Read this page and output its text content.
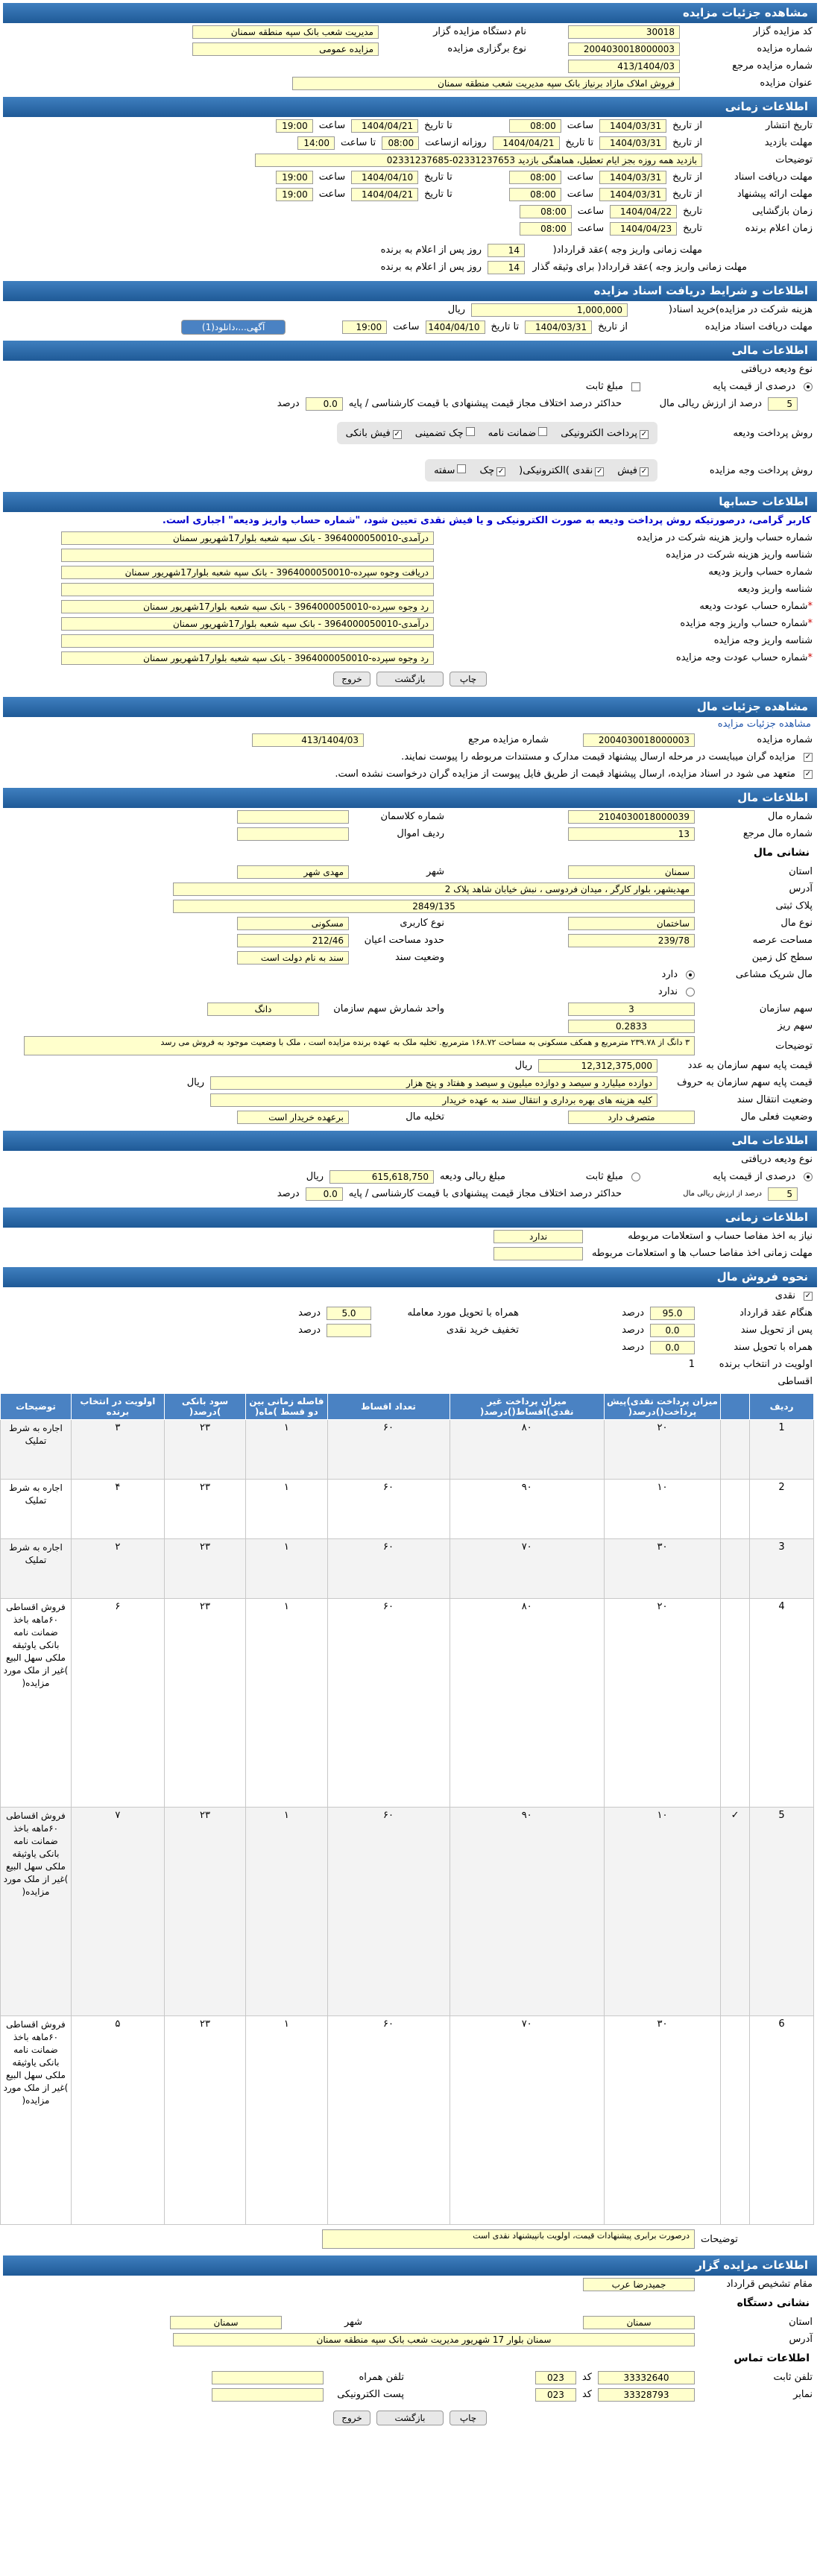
مشاهده جزئیات مزایده
کد مزایده گزار
30018
نام دستگاه مزایده گزار
مدیریت شعب بانک سپه منطقه سمنان
شماره مزایده
2004030018000003
نوع برگزاری مزایده
مزایده عمومی
شماره مزایده مرجع
413/1404/03
عنوان مزایده
فروش املاک مازاد برنیاز بانک سپه مدیریت شعب منطقه سمنان
اطلاعات زمانی
تاریخ انتشار
از تاریخ
1404/03/31
ساعت
08:00
تا تاریخ
1404/04/21
ساعت
19:00
مهلت بازدید
از تاریخ
1404/03/31
تا تاریخ
1404/04/21
روزانه ازساعت
08:00
تا ساعت
14:00
توضیحات
بازدید همه روزه بجز ایام تعطیل، هماهنگی بازدید 02331237653-02331237685
مهلت دریافت اسناد
از تاریخ
1404/03/31
ساعت
08:00
تا تاریخ
1404/04/10
ساعت
19:00
مهلت ارائه پیشنهاد
از تاریخ
1404/03/31
ساعت
08:00
تا تاریخ
1404/04/21
ساعت
19:00
زمان بازگشایی
تاریخ
1404/04/22
ساعت
08:00
زمان اعلام برنده
تاریخ
1404/04/23
ساعت
08:00
مهلت زمانی واریز وجه )عقد قرارداد(
14
روز پس از اعلام به برنده
مهلت زمانی واریز وجه )عقد قرارداد( برای وثیقه گذار
14
روز پس از اعلام به برنده
اطلاعات و شرایط دریافت اسناد مزایده
هزینه شرکت در مزایده)خرید اسناد(
1,000,000
ریال
مهلت دریافت اسناد مزایده
از تاریخ
1404/03/31
تا تاریخ
1404/04/10
ساعت
19:00
آگهی...،دانلود(1)
اطلاعات مالی
نوع ودیعه دریافتی
درصدی از قیمت پایه
مبلغ ثابت
5
درصد از ارزش ریالی مال
حداکثر درصد اختلاف مجاز قیمت پیشنهادی با قیمت کارشناسی / پایه
0.0
درصد
روش پرداخت ودیعه
✓پرداخت الکترونیکی
ضمانت نامه
چک تضمینی
✓فیش بانکی
روش پرداخت وجه مزایده
✓فیش
✓نقدی )الکترونیکی(
✓چک
سفته
اطلاعات حسابها
کاربر گرامی، درصورتیکه روش پرداخت ودیعه به صورت الکترونیکی و یا فیش نقدی تعیین شود، "شماره حساب واریز ودیعه" اجباری است.
شماره حساب واریز هزینه شرکت در مزایده
درآمدی-3964000050010 - بانک سپه شعبه بلوار17شهریور سمنان
شناسه واریز هزینه شرکت در مزایده
شماره حساب واریز ودیعه
دریافت وجوه سپرده-3964000050010 - بانک سپه شعبه بلوار17شهریور سمنان
شناسه واریز ودیعه
*شماره حساب عودت ودیعه
رد وجوه سپرده-3964000050010 - بانک سپه شعبه بلوار17شهریور سمنان
*شماره حساب واریز وجه مزایده
درآمدی-3964000050010 - بانک سپه شعبه بلوار17شهریور سمنان
شناسه واریز وجه مزایده
*شماره حساب عودت وجه مزایده
رد وجوه سپرده-3964000050010 - بانک سپه شعبه بلوار17شهریور سمنان
چاپ
بازگشت
خروج
مشاهده جزئیات مال
مشاهده جزئیات مزایده
شماره مزایده
2004030018000003
شماره مزایده مرجع
413/1404/03
✓
مزایده گران میبایست در مرحله ارسال پیشنهاد قیمت مدارک و مستندات مربوطه را پیوست نمایند.
✓
متعهد می شود در اسناد مزایده، ارسال پیشنهاد قیمت از طریق فایل پیوست از مزایده گران درخواست نشده است.
اطلاعات مال
شماره مال
2104030018000039
شماره کلاسمان
شماره مال مرجع
13
ردیف اموال
نشانی مال
استان
سمنان
شهر
مهدی شهر
آدرس
مهدیشهر، بلوار کارگر ، میدان فردوسی ، نبش خیابان شاهد پلاک 2
پلاک ثبتی
2849/135
نوع مال
ساختمان
نوع کاربری
مسکونی
مساحت عرصه
239/78
حدود مساحت اعیان
212/46
سطح کل زمین
وضعیت سند
سند به نام دولت است
مال شریک مشاعی
دارد
ندارد
سهم سازمان
3
واحد شمارش سهم سازمان
دانگ
سهم ریز
0.2833
توضیحات
۳ دانگ از ۲۳۹.۷۸ مترمربع و همکف مسکونی به مساحت ۱۶۸.۷۲ مترمربع. تخلیه ملک به عهده برنده مزایده است ، ملک با وضعیت موجود به فروش می رسد
قیمت پایه سهم سازمان به عدد
12,312,375,000
ریال
قیمت پایه سهم سازمان به حروف
دوازده میلیارد و سیصد و دوازده میلیون و سیصد و هفتاد و پنج هزار
ریال
وضعیت انتقال سند
کلیه هزینه های بهره برداری و انتقال سند به عهده خریدار
وضعیت فعلی مال
متصرف دارد
تخلیه مال
برعهده خریدار است
اطلاعات مالی
نوع ودیعه دریافتی
درصدی از قیمت پایه
مبلغ ثابت
مبلغ ریالی ودیعه
615,618,750
ریال
5
درصد از ارزش ریالی مال
حداکثر درصد اختلاف مجاز قیمت پیشنهادی با قیمت کارشناسی / پایه
0.0
درصد
اطلاعات زمانی
نیاز به اخذ مفاصا حساب و استعلامات مربوطه
ندارد
مهلت زمانی اخذ مفاصا حساب ها و استعلامات مربوطه
نحوه فروش مال
✓
نقدی
هنگام عقد قرارداد
95.0
درصد
همراه با تحویل مورد معامله
5.0
درصد
پس از تحویل سند
0.0
درصد
تخفیف خرید نقدی
درصد
همراه با تحویل سند
0.0
درصد
اولویت در انتخاب برنده
1
اقساطی
ردیف		میزان پرداخت نقدی)پیش پرداخت()درصد(	میزان پرداخت غیر نقدی)اقساط()درصد(	تعداد اقساط	فاصله زمانی بین دو قسط )ماه(	سود بانکی )درصد(	اولویت در انتخاب برنده	توضیحات
1		۲۰	۸۰	۶۰	۱	۲۳	۳	اجاره به شرط تملیک
2		۱۰	۹۰	۶۰	۱	۲۳	۴	اجاره به شرط تملیک
3		۳۰	۷۰	۶۰	۱	۲۳	۲	اجاره به شرط تملیک
4		۲۰	۸۰	۶۰	۱	۲۳	۶	فروش اقساطی ۶۰ماهه باخذ ضمانت نامه بانکی یاوثیقه ملکی سهل البیع )غیر از ملک مورد مزایده(
5	✓	۱۰	۹۰	۶۰	۱	۲۳	۷	فروش اقساطی ۶۰ماهه باخذ ضمانت نامه بانکی یاوثیقه ملکی سهل البیع )غیر از ملک مورد مزایده(
6		۳۰	۷۰	۶۰	۱	۲۳	۵	فروش اقساطی ۶۰ماهه باخذ ضمانت نامه بانکی یاوثیقه ملکی سهل البیع )غیر از ملک مورد مزایده(
توضیحات
درصورت برابری پیشنهادات قیمت، اولویت بانپیشنهاد نقدی است
اطلاعات مزایده گزار
مقام تشخیص قرارداد
جمیدرضا عرب
نشانی دستگاه
استان
سمنان
شهر
سمنان
آدرس
سمنان بلوار 17 شهریور مدیریت شعب بانک سپه منطقه سمنان
اطلاعات تماس
تلفن ثابت
33332640
کد
023
تلفن همراه
نمابر
33328793
کد
023
پست الکترونیکی
چاپ
بازگشت
خروج
